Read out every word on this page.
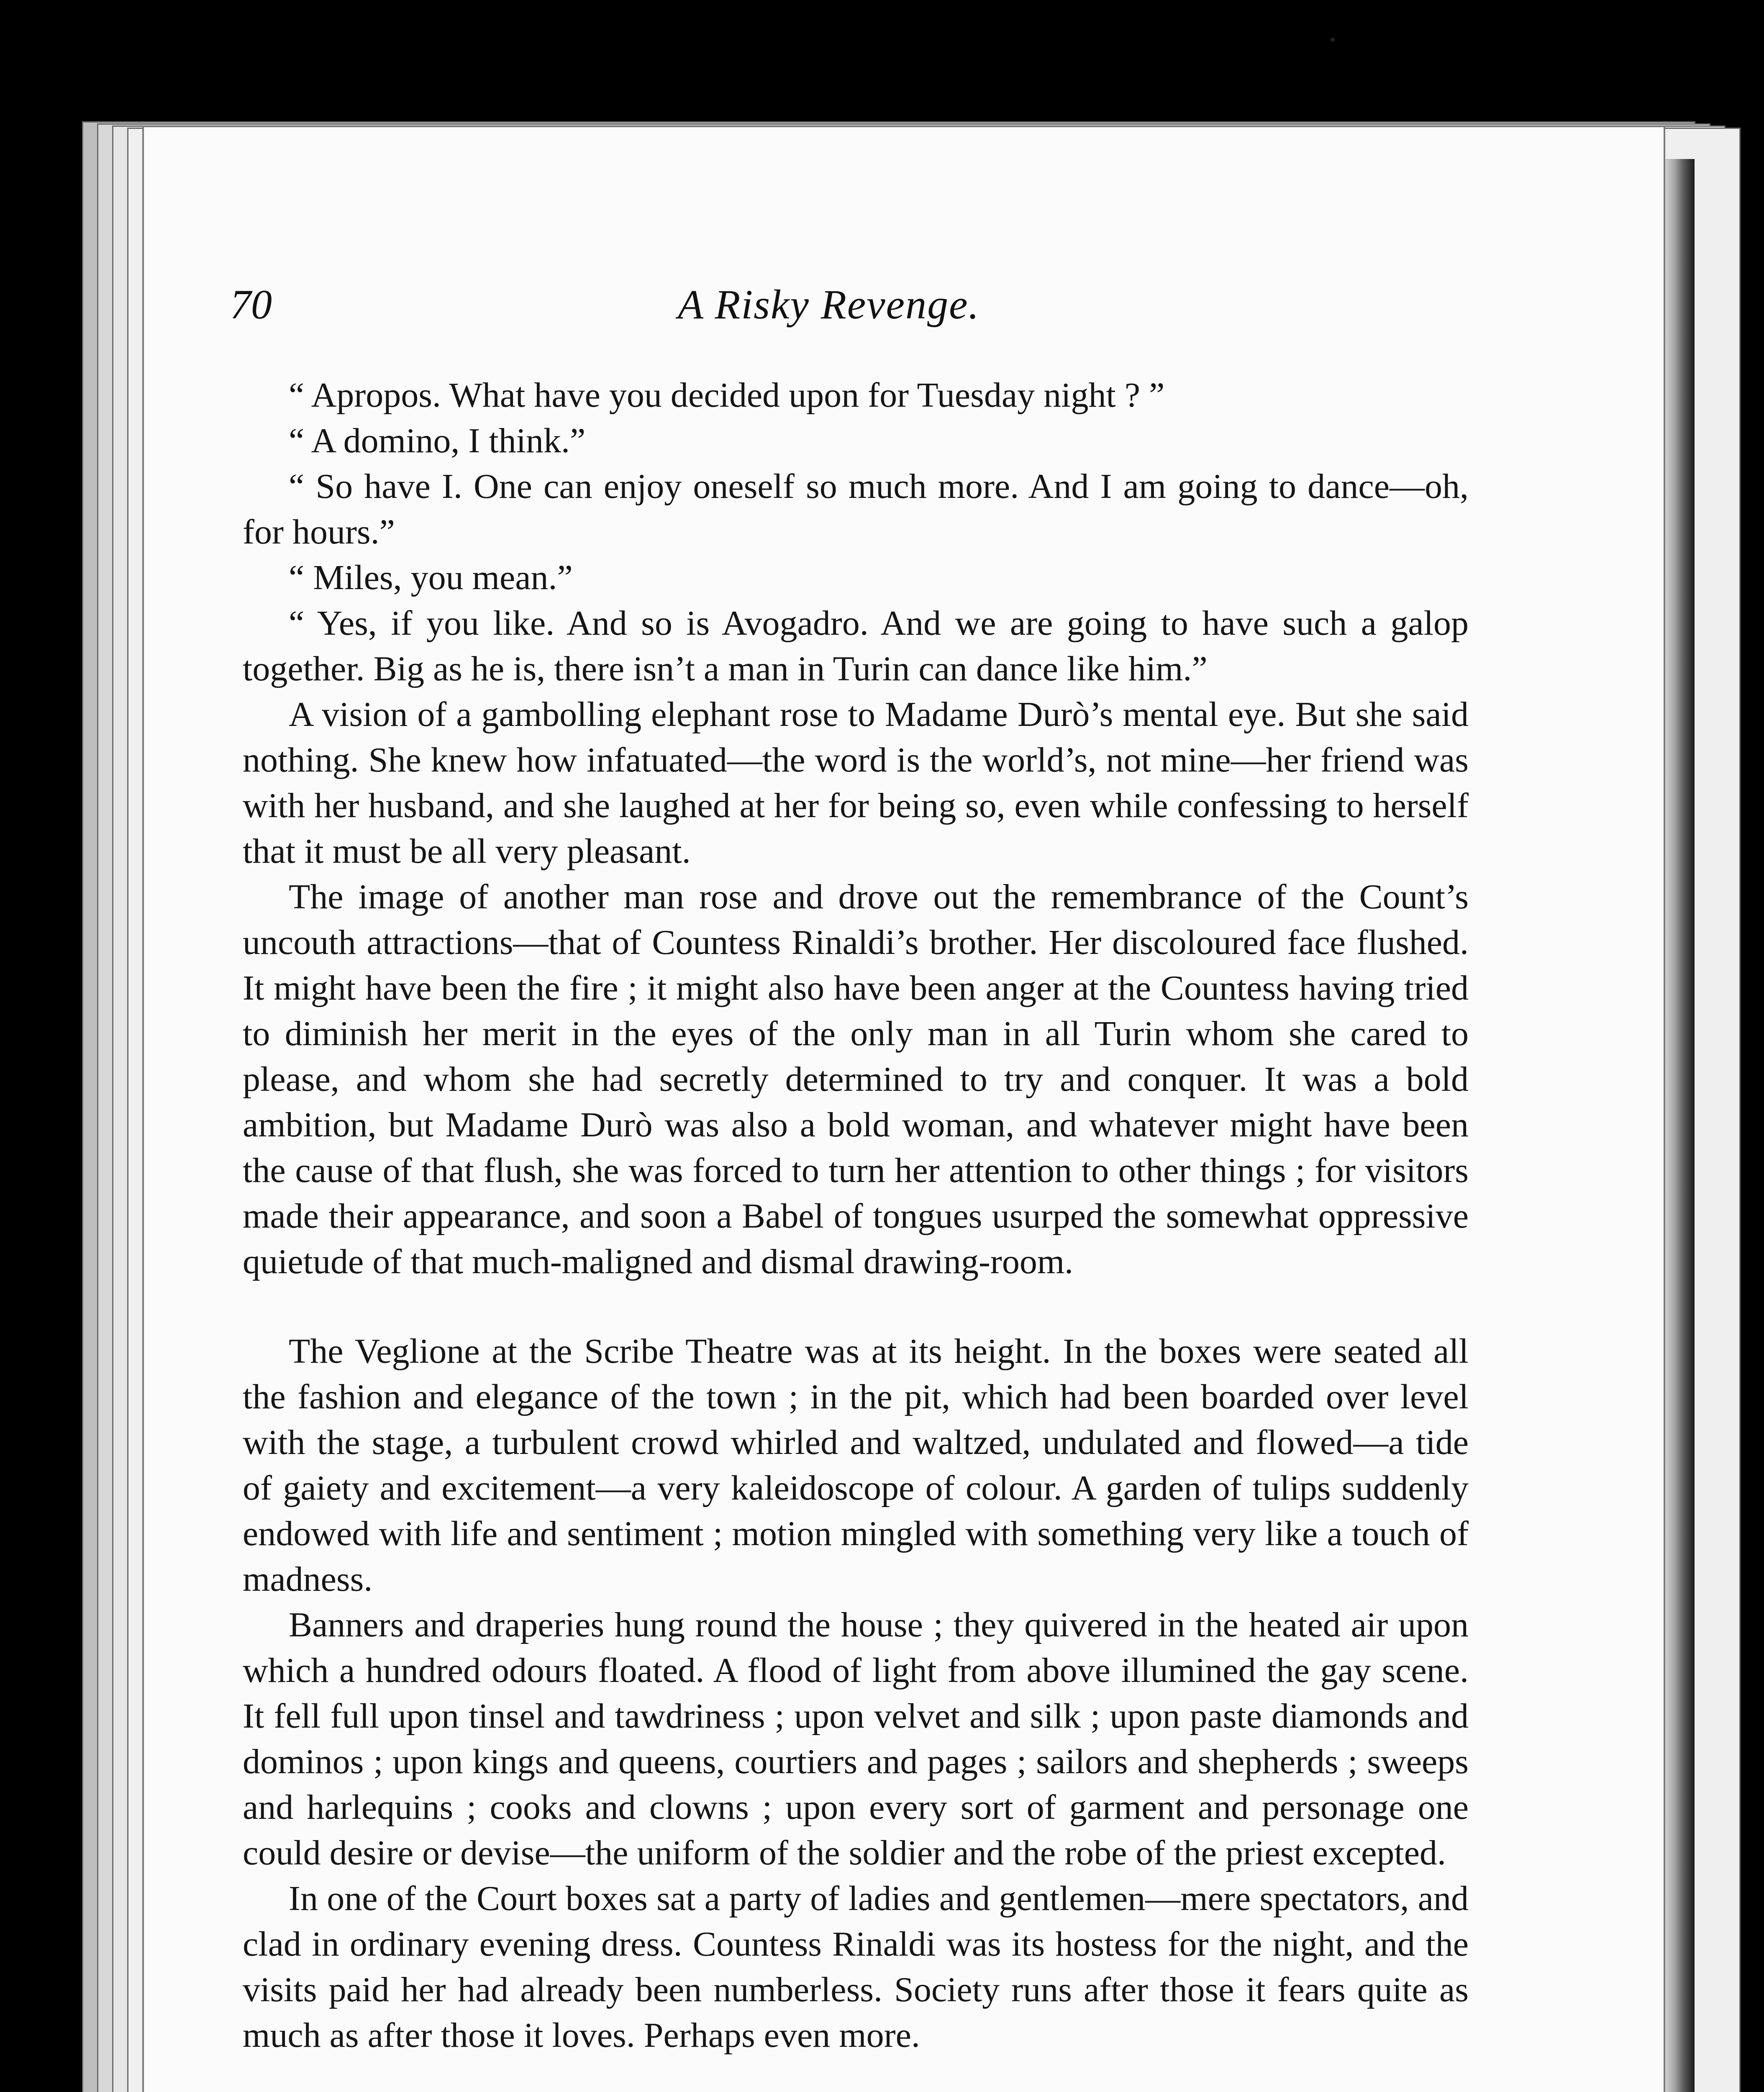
70	A Risky Revenge.

“ Apropos. What have you decided upon for Tuesday night ? ”

“ A domino, I think.”

“ So have I. One can enjoy oneself so much more. And I am going to dance—oh, for hours.”

“ Miles, you mean.”

“ Yes, if you like. And so is Avogadro. And we are going to have such a galop together. Big as he is, there isn’t a man in Turin can dance like him.”

A vision of a gambolling elephant rose to Madame Durò’s mental eye. But she said nothing. She knew how infatuated—the word is the world’s, not mine—her friend was with her husband, and she laughed at her for being so, even while confessing to herself that it must be all very pleasant.

The image of another man rose and drove out the remembrance of the Count’s uncouth attractions—that of Countess Rinaldi’s brother. Her discoloured face flushed. It might have been the fire ; it might also have been anger at the Countess having tried to diminish her merit in the eyes of the only man in all Turin whom she cared to please, and whom she had secretly determined to try and conquer. It was a bold ambition, but Madame Durò was also a bold woman, and whatever might have been the cause of that flush, she was forced to turn her attention to other things ; for visitors made their appearance, and soon a Babel of tongues usurped the somewhat oppressive quietude of that much-maligned and dismal drawing-room.

The Veglione at the Scribe Theatre was at its height. In the boxes were seated all the fashion and elegance of the town ; in the pit, which had been boarded over level with the stage, a turbulent crowd whirled and waltzed, undulated and flowed—a tide of gaiety and excitement—a very kaleidoscope of colour. A garden of tulips suddenly endowed with life and sentiment ; motion mingled with something very like a touch of madness.

Banners and draperies hung round the house ; they quivered in the heated air upon which a hundred odours floated. A flood of light from above illumined the gay scene. It fell full upon tinsel and tawdriness ; upon velvet and silk ; upon paste diamonds and dominos ; upon kings and queens, courtiers and pages ; sailors and shepherds ; sweeps and harlequins ; cooks and clowns ; upon every sort of garment and personage one could desire or devise—the uniform of the soldier and the robe of the priest excepted.

In one of the Court boxes sat a party of ladies and gentlemen—mere spectators, and clad in ordinary evening dress. Countess Rinaldi was its hostess for the night, and the visits paid her had already been numberless. Society runs after those it fears quite as much as after those it loves. Perhaps even more.
